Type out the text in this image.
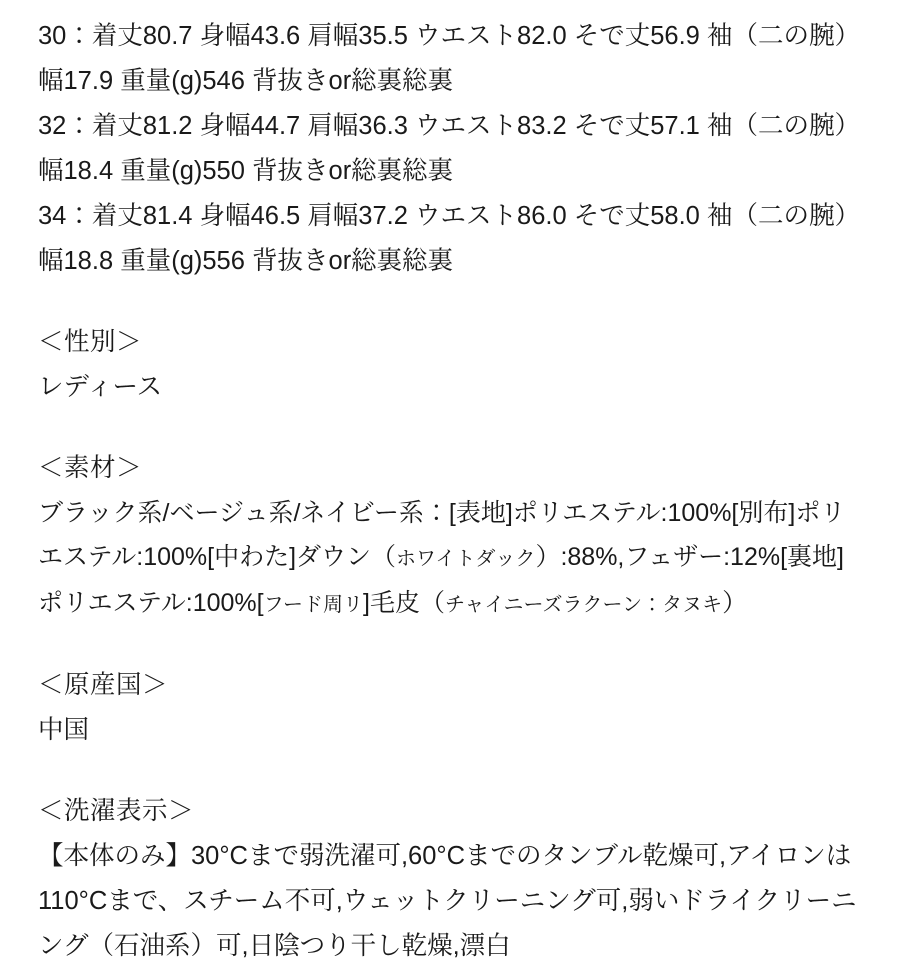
30：着丈80.7 身幅43.6 肩幅35.5 ウエスト82.0 そで丈56.9 袖（二の腕）幅17.9 重量(g)546 背抜きor総裏総裏

32：着丈81.2 身幅44.7 肩幅36.3 ウエスト83.2 そで丈57.1 袖（二の腕）幅18.4 重量(g)550 背抜きor総裏総裏

34：着丈81.4 身幅46.5 肩幅37.2 ウエスト86.0 そで丈58.0 袖（二の腕）幅18.8 重量(g)556 背抜きor総裏総裏

＜性別＞

レディース

＜素材＞

ブラック系/ベージュ系/ネイビー系：[表地]ポリエステル:100%[別布]ポリエステル:100%[中わた]ダウン（ホワイトダック）:88%,フェザー:12%[裏地]ポリエステル:100%[フード周リ]毛皮（チャイニーズラクーン：タヌキ）

＜原産国＞

中国

＜洗濯表示＞

【本体のみ】30°Cまで弱洗濯可,60°Cまでのタンブル乾燥可,アイロンは110°Cまで、スチーム不可,ウェットクリーニング可,弱いドライクリーニング（石油系）可,日陰つり干し乾燥,漂白
